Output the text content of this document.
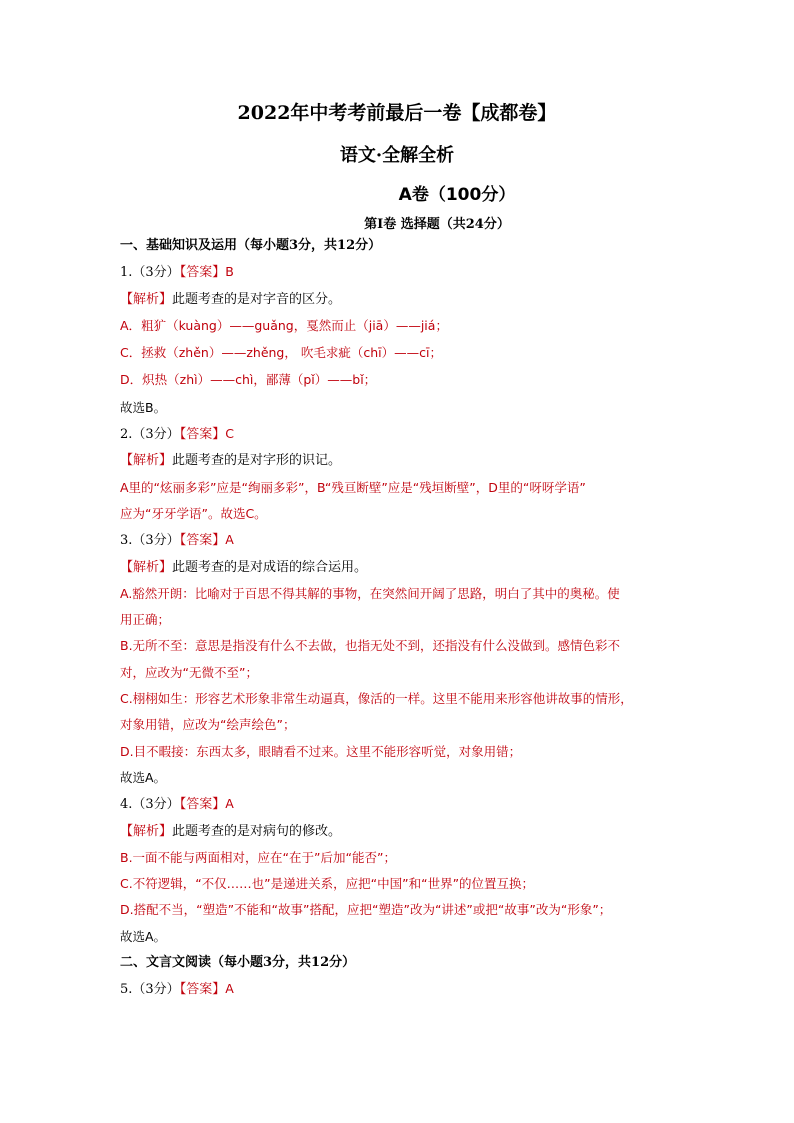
2022年中考考前最后一卷【成都卷】
语文·全解全析
A卷（100分）
第I卷 选择题（共24分）
一、基础知识及运用（每小题3分，共12分）
1.（3分）【答案】B
【解析】此题考查的是对字音的区分。
A．粗犷（kuàng）——guǎng，戛然而止（jiā）——jiá；
C．拯救（zhěn）——zhěng， 吹毛求疵（chī）——cī；
D．炽热（zhì）——chì，鄙薄（pǐ）——bǐ；
故选B。
2.（3分）【答案】C
【解析】此题考查的是对字形的识记。
A里的“炫丽多彩”应是“绚丽多彩”，B“残亘断壁”应是“残垣断壁”，D里的“呀呀学语”
应为“牙牙学语”。故选C。
3.（3分）【答案】A
【解析】此题考查的是对成语的综合运用。
A.豁然开朗：比喻对于百思不得其解的事物，在突然间开阔了思路，明白了其中的奥秘。使
用正确；
B.无所不至：意思是指没有什么不去做，也指无处不到，还指没有什么没做到。感情色彩不
对，应改为“无微不至”；
C.栩栩如生：形容艺术形象非常生动逼真，像活的一样。这里不能用来形容他讲故事的情形，
对象用错，应改为“绘声绘色”；
D.目不暇接：东西太多，眼睛看不过来。这里不能形容听觉，对象用错；
故选A。
4.（3分）【答案】A
【解析】此题考查的是对病句的修改。
B.一面不能与两面相对，应在“在于”后加“能否”；
C.不符逻辑，“不仅……也”是递进关系，应把“中国”和“世界”的位置互换；
D.搭配不当，“塑造”不能和“故事”搭配，应把“塑造”改为“讲述”或把“故事”改为“形象”；
故选A。
二、文言文阅读（每小题3分，共12分）
5.（3分）【答案】A
